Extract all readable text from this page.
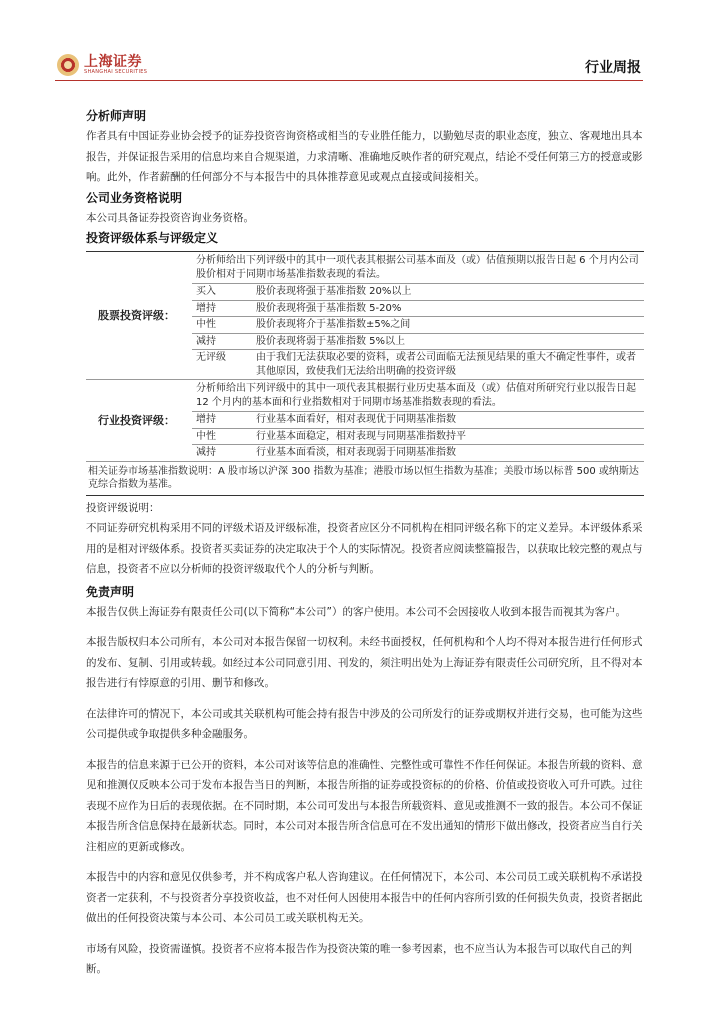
上海证券
SHANGHAI SECURITIES	行业周报
分析师声明

作者具有中国证券业协会授予的证券投资咨询资格或相当的专业胜任能力，以勤勉尽责的职业态度，独立、客观地出具本报告，并保证报告采用的信息均来自合规渠道，力求清晰、准确地反映作者的研究观点，结论不受任何第三方的授意或影响。此外，作者薪酬的任何部分不与本报告中的具体推荐意见或观点直接或间接相关。

公司业务资格说明

本公司具备证券投资咨询业务资格。

投资评级体系与评级定义
股票投资评级：
分析师给出下列评级中的其中一项代表其根据公司基本面及（或）估值预期以报告日起 6 个月内公司股价相对于同期市场基准指数表现的看法。
买入	股价表现将强于基准指数 20%以上
增持	股价表现将强于基准指数 5-20%
中性	股价表现将介于基准指数±5%之间
减持	股价表现将弱于基准指数 5%以上
无评级	由于我们无法获取必要的资料，或者公司面临无法预见结果的重大不确定性事件，或者其他原因，致使我们无法给出明确的投资评级
行业投资评级：
分析师给出下列评级中的其中一项代表其根据行业历史基本面及（或）估值对所研究行业以报告日起 12 个月内的基本面和行业指数相对于同期市场基准指数表现的看法。
增持	行业基本面看好，相对表现优于同期基准指数
中性	行业基本面稳定，相对表现与同期基准指数持平
减持	行业基本面看淡，相对表现弱于同期基准指数
相关证券市场基准指数说明：A 股市场以沪深 300 指数为基准；港股市场以恒生指数为基准；美股市场以标普 500 或纳斯达克综合指数为基准。

投资评级说明：

不同证券研究机构采用不同的评级术语及评级标准，投资者应区分不同机构在相同评级名称下的定义差异。本评级体系采用的是相对评级体系。投资者买卖证券的决定取决于个人的实际情况。投资者应阅读整篇报告，以获取比较完整的观点与信息，投资者不应以分析师的投资评级取代个人的分析与判断。

免责声明

本报告仅供上海证券有限责任公司(以下简称“本公司”）的客户使用。本公司不会因接收人收到本报告而视其为客户。

本报告版权归本公司所有，本公司对本报告保留一切权利。未经书面授权，任何机构和个人均不得对本报告进行任何形式的发布、复制、引用或转载。如经过本公司同意引用、刊发的，须注明出处为上海证券有限责任公司研究所，且不得对本报告进行有悖原意的引用、删节和修改。

在法律许可的情况下，本公司或其关联机构可能会持有报告中涉及的公司所发行的证券或期权并进行交易，也可能为这些公司提供或争取提供多种金融服务。

本报告的信息来源于已公开的资料，本公司对该等信息的准确性、完整性或可靠性不作任何保证。本报告所载的资料、意见和推测仅反映本公司于发布本报告当日的判断，本报告所指的证券或投资标的的价格、价值或投资收入可升可跌。过往表现不应作为日后的表现依据。在不同时期，本公司可发出与本报告所载资料、意见或推测不一致的报告。本公司不保证本报告所含信息保持在最新状态。同时，本公司对本报告所含信息可在不发出通知的情形下做出修改，投资者应当自行关注相应的更新或修改。

本报告中的内容和意见仅供参考，并不构成客户私人咨询建议。在任何情况下，本公司、本公司员工或关联机构不承诺投资者一定获利，不与投资者分享投资收益，也不对任何人因使用本报告中的任何内容所引致的任何损失负责，投资者据此做出的任何投资决策与本公司、本公司员工或关联机构无关。

市场有风险，投资需谨慎。投资者不应将本报告作为投资决策的唯一参考因素，也不应当认为本报告可以取代自己的判断。
